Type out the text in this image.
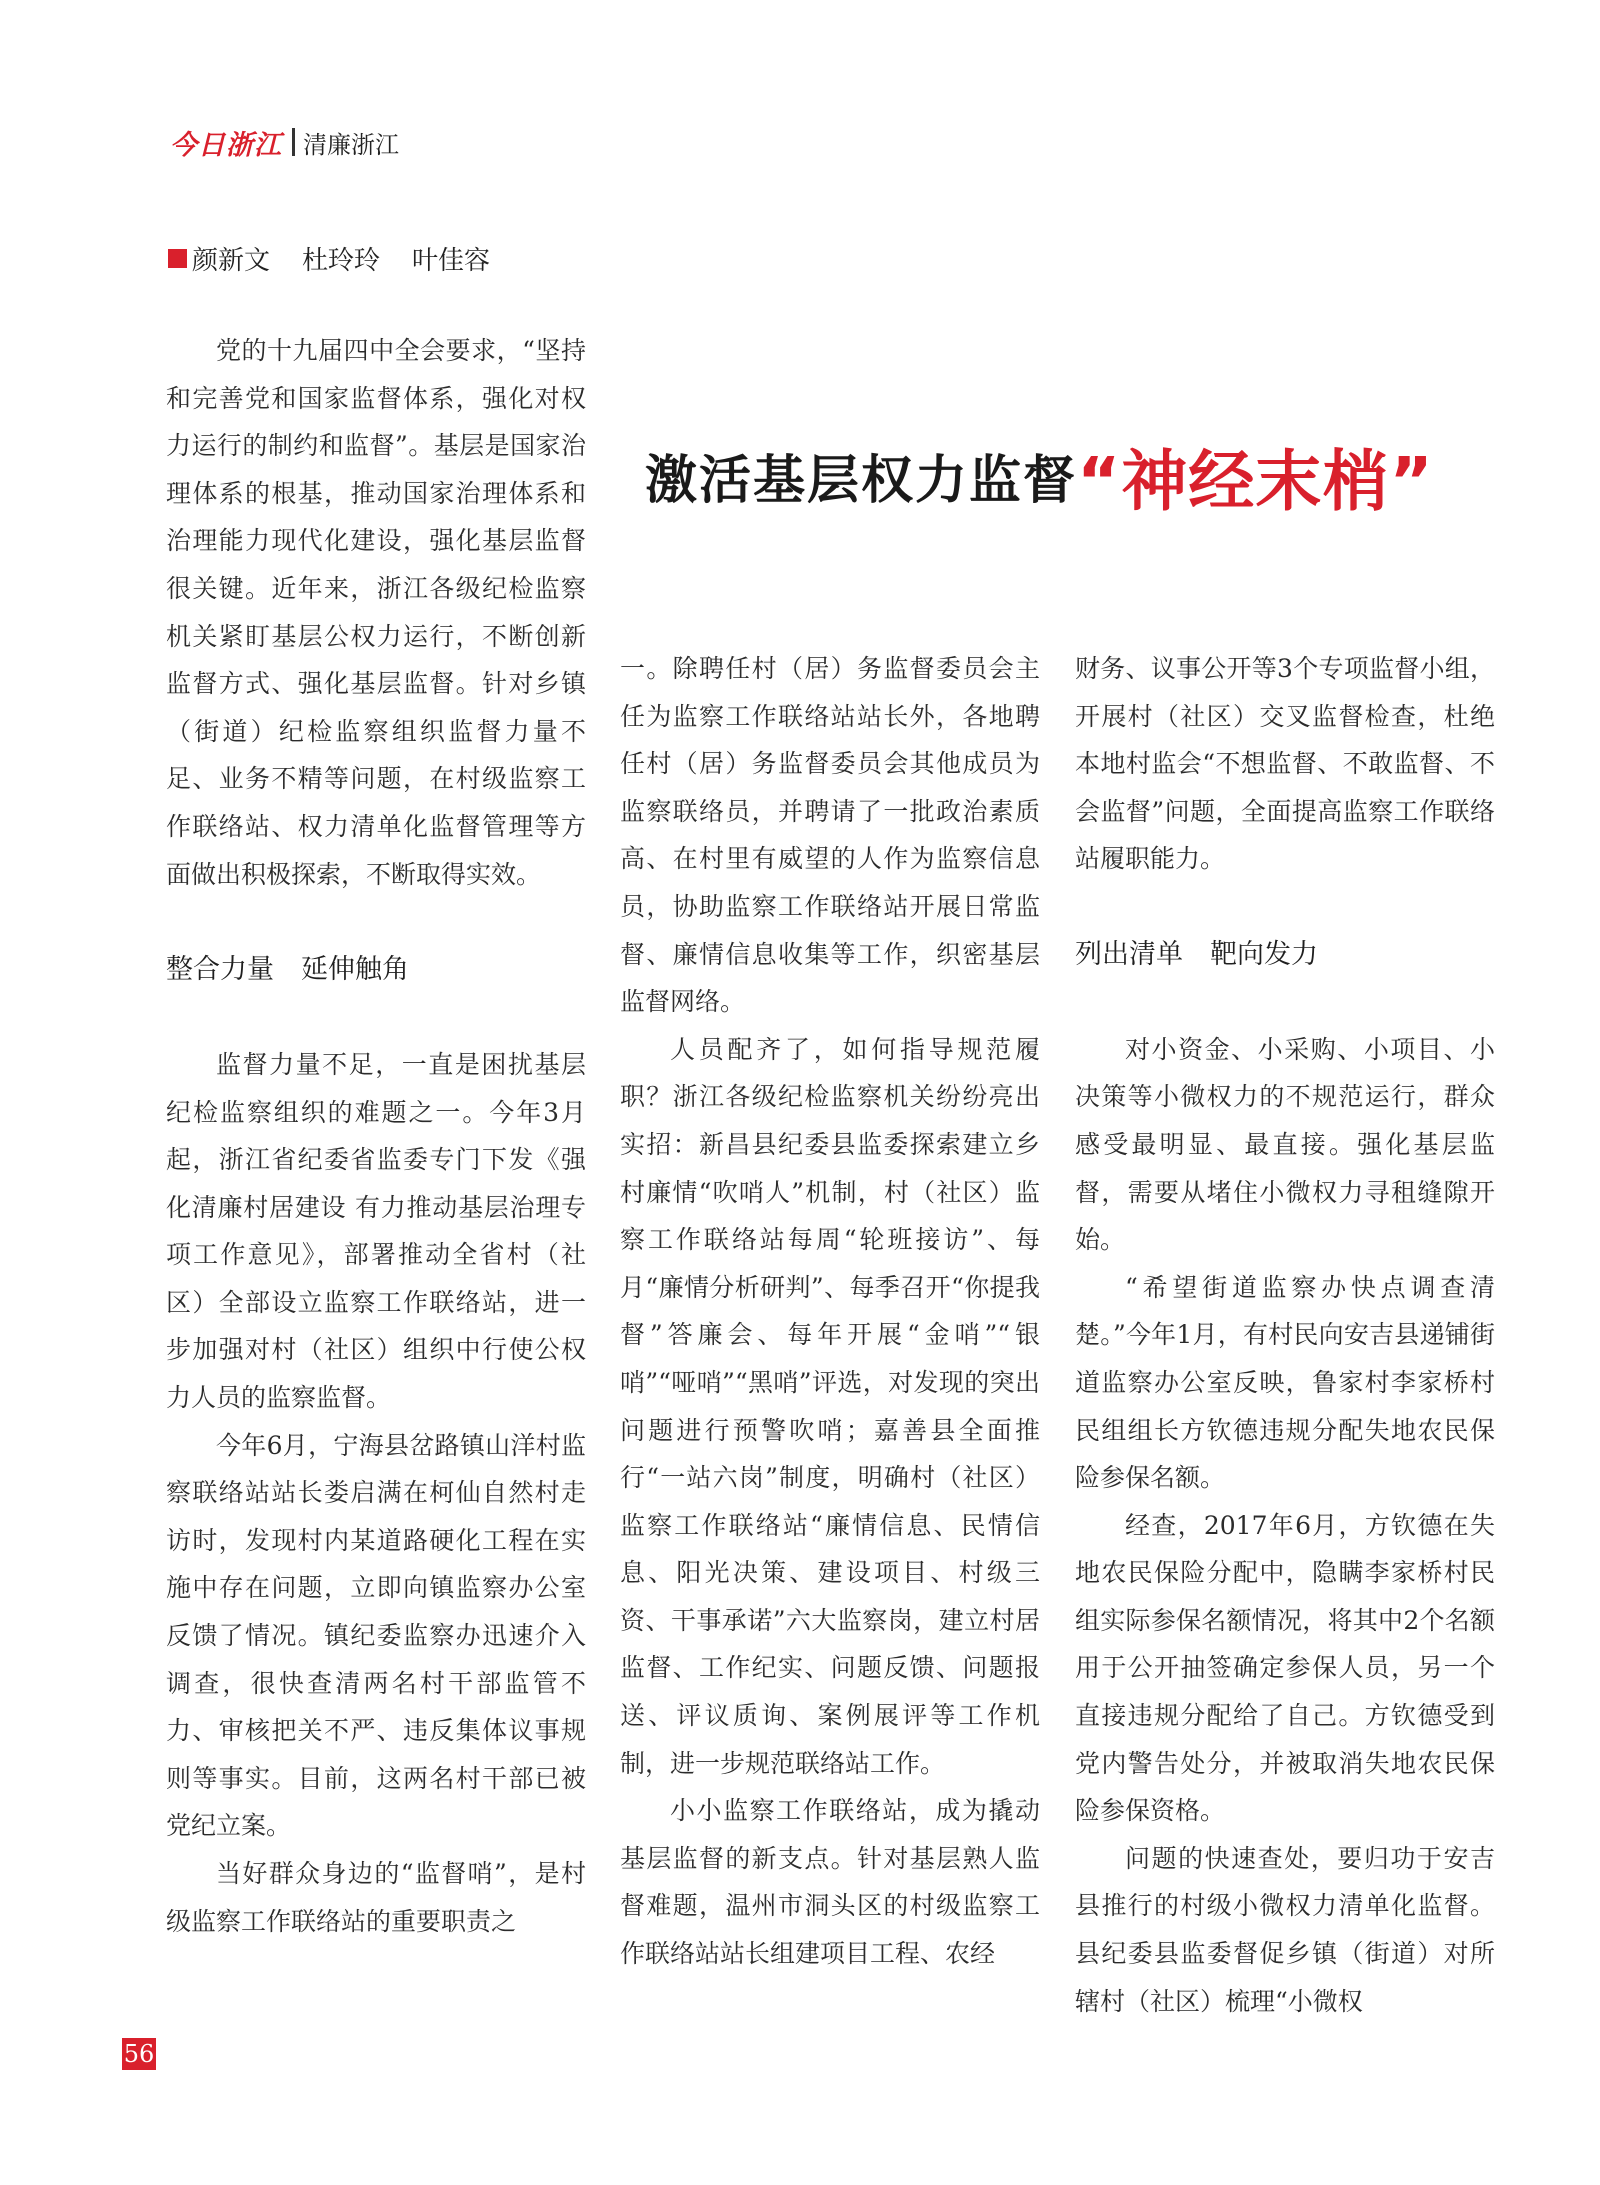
今日浙江 清廉浙江
颜新文 杜玲玲 叶佳容
激活基层权力监督 “神经末梢”

党的十九届四中全会要求，“坚持和完善党和国家监督体系，强化对权力运行的制约和监督”。基层是国家治理体系的根基，推动国家治理体系和治理能力现代化建设，强化基层监督很关键。近年来，浙江各级纪检监察机关紧盯基层公权力运行，不断创新监督方式、强化基层监督。针对乡镇（街道）纪检监察组织监督力量不足、业务不精等问题，在村级监察工作联络站、权力清单化监督管理等方面做出积极探索，不断取得实效。

整合力量　延伸触角

监督力量不足，一直是困扰基层纪检监察组织的难题之一。今年3月起，浙江省纪委省监委专门下发《强化清廉村居建设 有力推动基层治理专项工作意见》，部署推动全省村（社区）全部设立监察工作联络站，进一步加强对村（社区）组织中行使公权力人员的监察监督。

今年6月，宁海县岔路镇山洋村监察联络站站长娄启满在柯仙自然村走访时，发现村内某道路硬化工程在实施中存在问题，立即向镇监察办公室反馈了情况。镇纪委监察办迅速介入调查，很快查清两名村干部监管不力、审核把关不严、违反集体议事规则等事实。目前，这两名村干部已被党纪立案。

当好群众身边的“监督哨”，是村级监察工作联络站的重要职责之

一。除聘任村（居）务监督委员会主任为监察工作联络站站长外，各地聘任村（居）务监督委员会其他成员为监察联络员，并聘请了一批政治素质高、在村里有威望的人作为监察信息员，协助监察工作联络站开展日常监督、廉情信息收集等工作，织密基层监督网络。

人员配齐了，如何指导规范履职？浙江各级纪检监察机关纷纷亮出实招：新昌县纪委县监委探索建立乡村廉情“吹哨人”机制，村（社区）监察工作联络站每周“轮班接访”、每月“廉情分析研判”、每季召开“你提我督”答廉会、每年开展“金哨”“银哨”“哑哨”“黑哨”评选，对发现的突出问题进行预警吹哨；嘉善县全面推行“一站六岗”制度，明确村（社区）监察工作联络站“廉情信息、民情信息、阳光决策、建设项目、村级三资、干事承诺”六大监察岗，建立村居监督、工作纪实、问题反馈、问题报送、评议质询、案例展评等工作机制，进一步规范联络站工作。

小小监察工作联络站，成为撬动基层监督的新支点。针对基层熟人监督难题，温州市洞头区的村级监察工作联络站站长组建项目工程、农经

财务、议事公开等3个专项监督小组，开展村（社区）交叉监督检查，杜绝本地村监会“不想监督、不敢监督、不会监督”问题，全面提高监察工作联络站履职能力。

列出清单　靶向发力

对小资金、小采购、小项目、小决策等小微权力的不规范运行，群众感受最明显、最直接。强化基层监督，需要从堵住小微权力寻租缝隙开始。

“希望街道监察办快点调查清楚。”今年1月，有村民向安吉县递铺街道监察办公室反映，鲁家村李家桥村民组组长方钦德违规分配失地农民保险参保名额。

经查，2017年6月，方钦德在失地农民保险分配中，隐瞒李家桥村民组实际参保名额情况，将其中2个名额用于公开抽签确定参保人员，另一个直接违规分配给了自己。方钦德受到党内警告处分，并被取消失地农民保险参保资格。

问题的快速查处，要归功于安吉县推行的村级小微权力清单化监督。县纪委县监委督促乡镇（街道）对所辖村（社区）梳理“小微权

56
